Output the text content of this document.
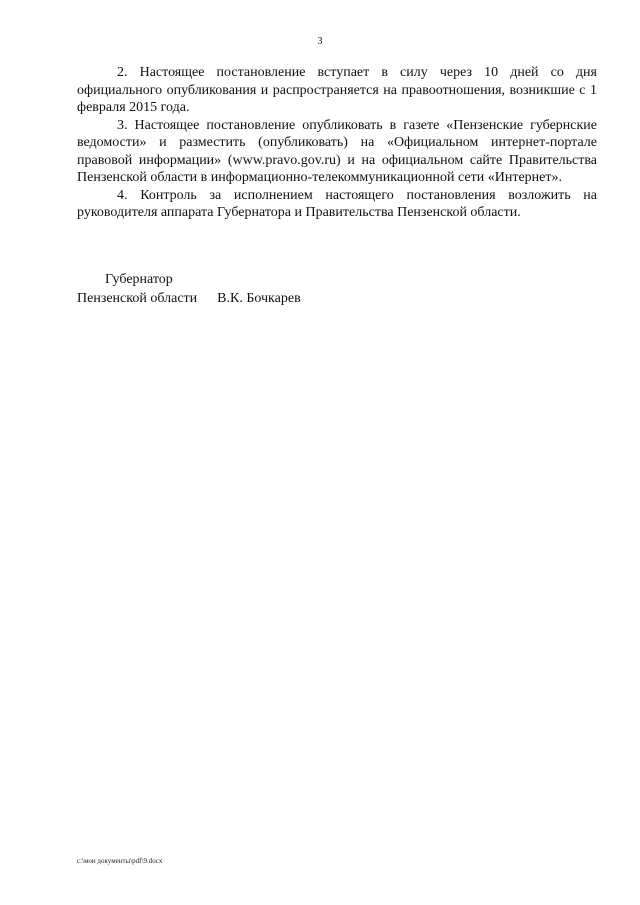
3

2. Настоящее постановление вступает в силу через 10 дней со дня официального опубликования и распространяется на правоотношения, возникшие с 1 февраля 2015 года.

3. Настоящее постановление опубликовать в газете «Пензенские губернские ведомости» и разместить (опубликовать) на «Официальном интернет-портале правовой информации» (www.pravo.gov.ru) и на официальном сайте Правительства Пензенской области в информационно-телекоммуникационной сети «Интернет».

4. Контроль за исполнением настоящего постановления возложить на руководителя аппарата Губернатора и Правительства Пензенской области.

Губернатор
Пензенской области В.К. Бочкарев
c:\мои документы\pdf\9.docx
